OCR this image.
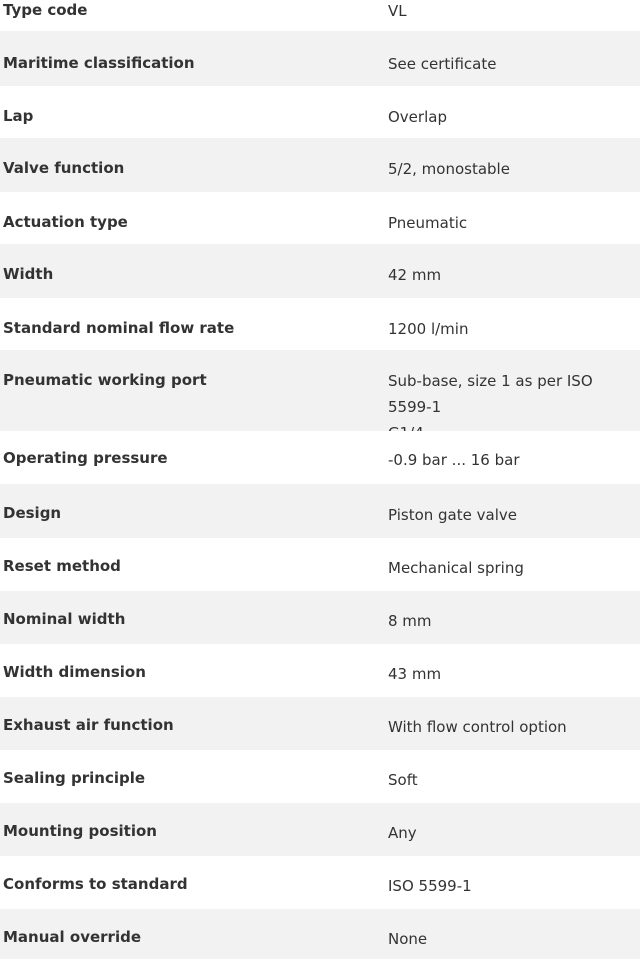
Type code	VL
Maritime classification	See certificate
Lap	Overlap
Valve function	5/2, monostable
Actuation type	Pneumatic
Width	42 mm
Standard nominal flow rate	1200 l/min
Pneumatic working port	Sub-base, size 1 as per ISO 5599-1

Operating pressure	-0.9 bar ... 16 bar
Design	Piston gate valve
Reset method	Mechanical spring
Nominal width	8 mm
Width dimension	43 mm
Exhaust air function	With flow control option
Sealing principle	Soft
Mounting position	Any
Conforms to standard	ISO 5599-1
Manual override	None
